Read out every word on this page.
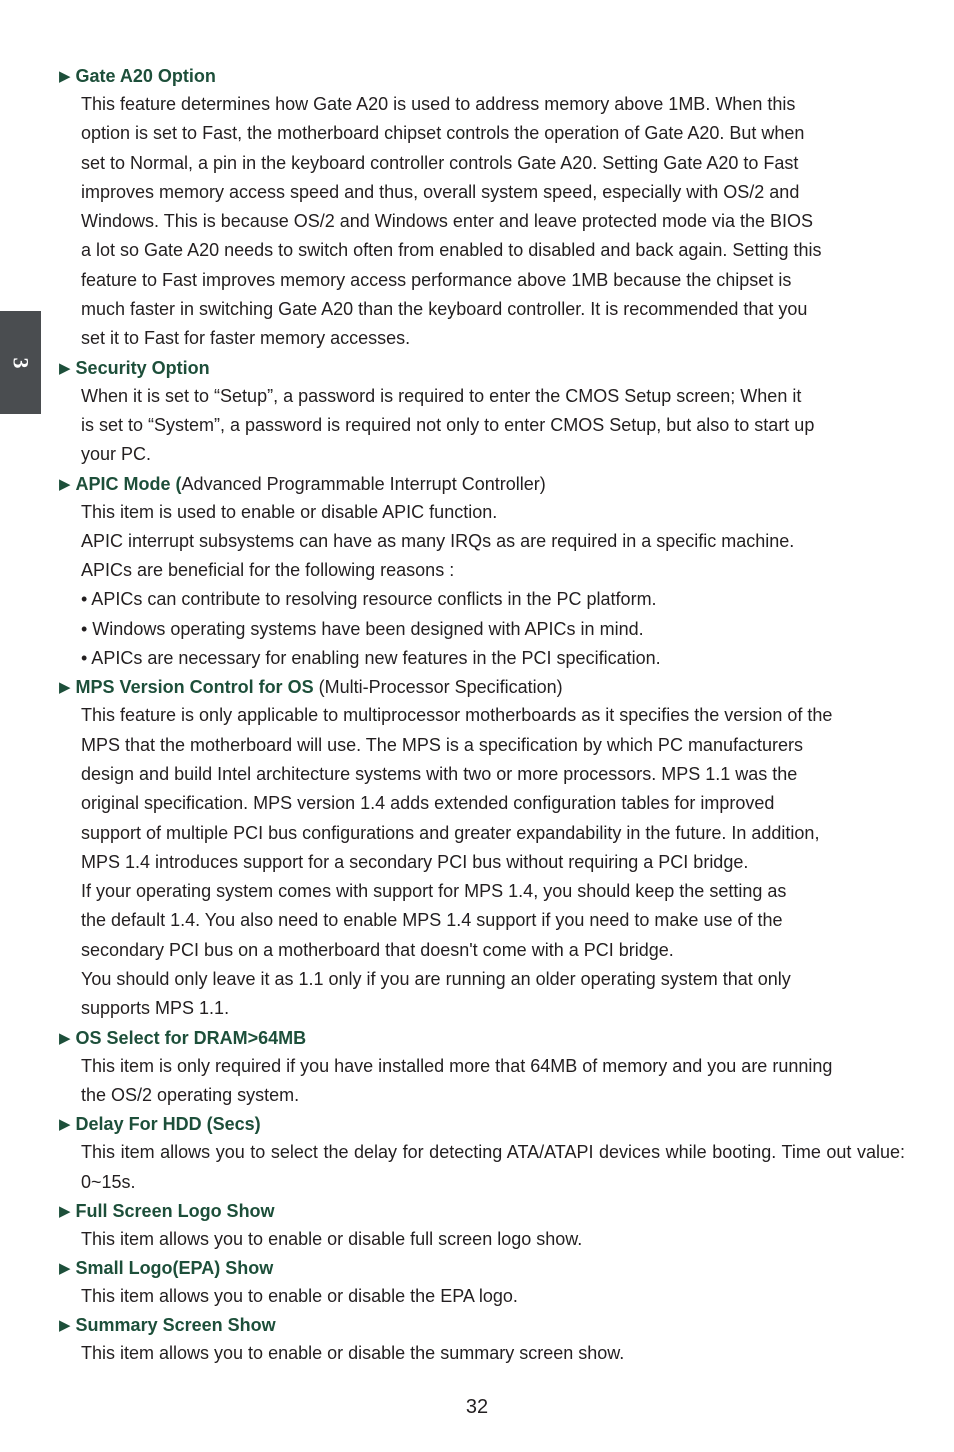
3
▶ Gate A20 Option
This feature determines how Gate A20 is used to address memory above 1MB. When this
option is set to Fast, the motherboard chipset controls the operation of Gate A20. But when
set to Normal, a pin in the keyboard controller controls Gate A20. Setting Gate A20 to Fast
improves memory access speed and thus, overall system speed, especially with OS/2 and
Windows. This is because OS/2 and Windows enter and leave protected mode via the BIOS
a lot so Gate A20 needs to switch often from enabled to disabled and back again. Setting this
feature to Fast improves memory access performance above 1MB because the chipset is
much faster in switching Gate A20 than the keyboard controller. It is recommended that you
set it to Fast for faster memory accesses.
▶ Security Option
When it is set to “Setup”, a password is required to enter the CMOS Setup screen; When it
is set to “System”, a password is required not only to enter CMOS Setup, but also to start up
your PC.
▶ APIC Mode (Advanced Programmable Interrupt Controller)
This item is used to enable or disable APIC function.
APIC interrupt subsystems can have as many IRQs as are required in a specific machine.
APICs are beneficial for the following reasons :
• APICs can contribute to resolving resource conflicts in the PC platform.
• Windows operating systems have been designed with APICs in mind.
• APICs are necessary for enabling new features in the PCI specification.
▶ MPS Version Control for OS (Multi-Processor Specification)
This feature is only applicable to multiprocessor motherboards as it specifies the version of the
MPS that the motherboard will use. The MPS is a specification by which PC manufacturers
design and build Intel architecture systems with two or more processors. MPS 1.1 was the
original specification. MPS version 1.4 adds extended configuration tables for improved
support of multiple PCI bus configurations and greater expandability in the future. In addition,
MPS 1.4 introduces support for a secondary PCI bus without requiring a PCI bridge.
If your operating system comes with support for MPS 1.4, you should keep the setting as
the default 1.4. You also need to enable MPS 1.4 support if you need to make use of the
secondary PCI bus on a motherboard that doesn't come with a PCI bridge.
You should only leave it as 1.1 only if you are running an older operating system that only
supports MPS 1.1.
▶ OS Select for DRAM>64MB
This item is only required if you have installed more that 64MB of memory and you are running
the OS/2 operating system.
▶ Delay For HDD (Secs)
This item allows you to select the delay for detecting ATA/ATAPI devices while booting. Time out value: 0~15s.
▶ Full Screen Logo Show
This item allows you to enable or disable full screen logo show.
▶ Small Logo(EPA) Show
This item allows you to enable or disable the EPA logo.
▶ Summary Screen Show
This item allows you to enable or disable the summary screen show.
32
